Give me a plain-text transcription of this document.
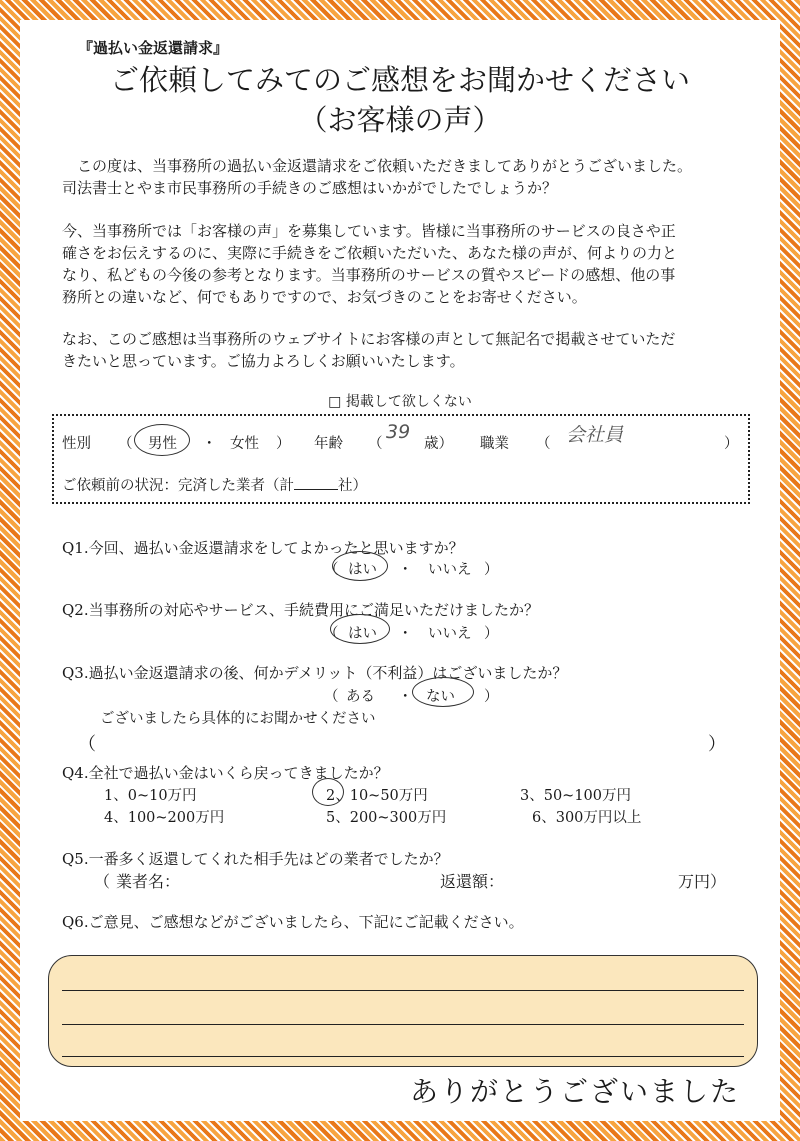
『過払い金返還請求』
ご依頼してみてのご感想をお聞かせください
（お客様の声）
　この度は、当事務所の過払い金返還請求をご依頼いただきましてありがとうございました。
司法書士とやま市民事務所の手続きのご感想はいかがでしたでしょうか？
今、当事務所では「お客様の声」を募集しています。皆様に当事務所のサービスの良さや正
確さをお伝えするのに、実際に手続きをご依頼いただいた、あなた様の声が、何よりの力と
なり、私どもの今後の参考となります。当事務所のサービスの質やスピードの感想、他の事
務所との違いなど、何でもありですので、お気づきのことをお寄せください。
なお、このご感想は当事務所のウェブサイトにお客様の声として無記名で掲載させていただ
きたいと思っています。ご協力よろしくお願いいたします。
□ 掲載して欲しくない
性別 （ 男性 ・ 女性 ） 年齢 （
39
歳） 職業 （ 会社員	）
ご依頼前の状況：完済した業者（計	社）
Q1.今回、過払い金返還請求をしてよかったと思いますか？
（ はい ・ いいえ ）
Q2.当事務所の対応やサービス、手続費用にご満足いただけましたか？
（ はい ・ いいえ ）
Q3.過払い金返還請求の後、何かデメリット（不利益）はございましたか？
（ ある ・ ない ）
ございましたら具体的にお聞かせください
（	）
Q4.全社で過払い金はいくら戻ってきましたか？
1、0~10万円	2、10~50万円	3、50~100万円
4、100~200万円	5、200~300万円	6、300万円以上
Q5.一番多く返還してくれた相手先はどの業者でしたか？
（ 業者名：	返還額：	万円）
Q6.ご意見、ご感想などがございましたら、下記にご記載ください。
ありがとうございました
